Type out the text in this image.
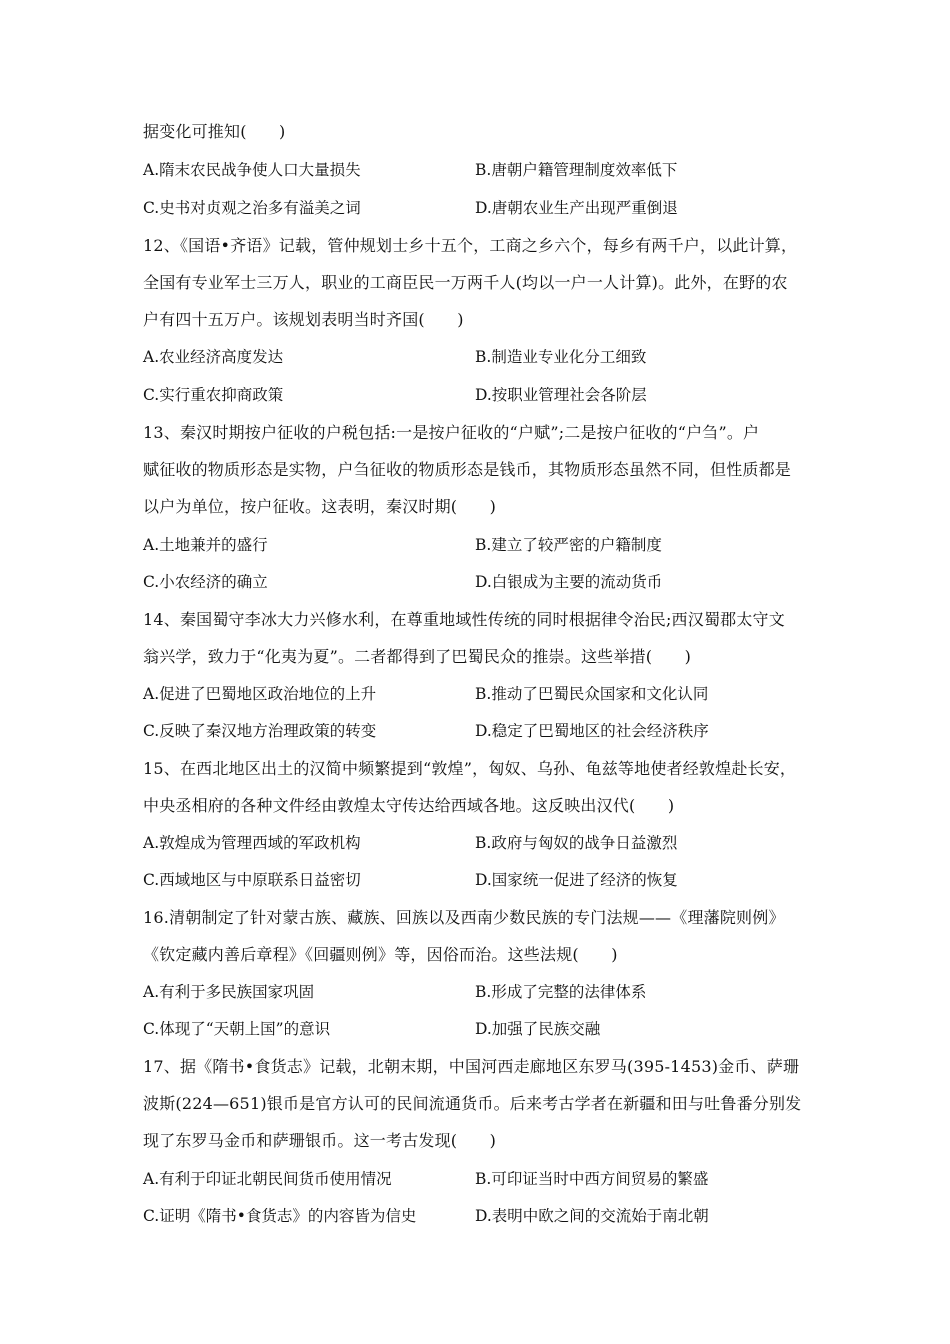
据变化可推知(　　)
A.隋末农民战争使人口大量损失	B.唐朝户籍管理制度效率低下
C.史书对贞观之治多有溢美之词	D.唐朝农业生产出现严重倒退
12、《国语•齐语》记载，管仲规划士乡十五个，工商之乡六个，每乡有两千户，以此计算，
全国有专业军士三万人，职业的工商臣民一万两千人(均以一户一人计算)。此外，在野的农
户有四十五万户。该规划表明当时齐国(　　)
A.农业经济高度发达	B.制造业专业化分工细致
C.实行重农抑商政策	D.按职业管理社会各阶层
13、秦汉时期按户征收的户税包括:一是按户征收的“户赋”;二是按户征收的“户刍”。户
赋征收的物质形态是实物，户刍征收的物质形态是钱币，其物质形态虽然不同，但性质都是
以户为单位，按户征收。这表明，秦汉时期(　　)
A.土地兼并的盛行	B.建立了较严密的户籍制度
C.小农经济的确立	D.白银成为主要的流动货币
14、秦国蜀守李冰大力兴修水利，在尊重地域性传统的同时根据律令治民;西汉蜀郡太守文
翁兴学，致力于“化夷为夏”。二者都得到了巴蜀民众的推崇。这些举措(　　)
A.促进了巴蜀地区政治地位的上升	B.推动了巴蜀民众国家和文化认同
C.反映了秦汉地方治理政策的转变	D.稳定了巴蜀地区的社会经济秩序
15、在西北地区出土的汉简中频繁提到“敦煌”，匈奴、乌孙、龟兹等地使者经敦煌赴长安，
中央丞相府的各种文件经由敦煌太守传达给西域各地。这反映出汉代(　　)
A.敦煌成为管理西域的军政机构	B.政府与匈奴的战争日益激烈
C.西域地区与中原联系日益密切	D.国家统一促进了经济的恢复
16.清朝制定了针对蒙古族、藏族、回族以及西南少数民族的专门法规——《理藩院则例》
《钦定藏内善后章程》《回疆则例》等，因俗而治。这些法规(　　)
A.有利于多民族国家巩固	B.形成了完整的法律体系
C.体现了“天朝上国”的意识	D.加强了民族交融
17、据《隋书•食货志》记载，北朝末期，中国河西走廊地区东罗马(395-1453)金币、萨珊
波斯(224—651)银币是官方认可的民间流通货币。后来考古学者在新疆和田与吐鲁番分别发
现了东罗马金币和萨珊银币。这一考古发现(　　)
A.有利于印证北朝民间货币使用情况	B.可印证当时中西方间贸易的繁盛
C.证明《隋书•食货志》的内容皆为信史	D.表明中欧之间的交流始于南北朝
